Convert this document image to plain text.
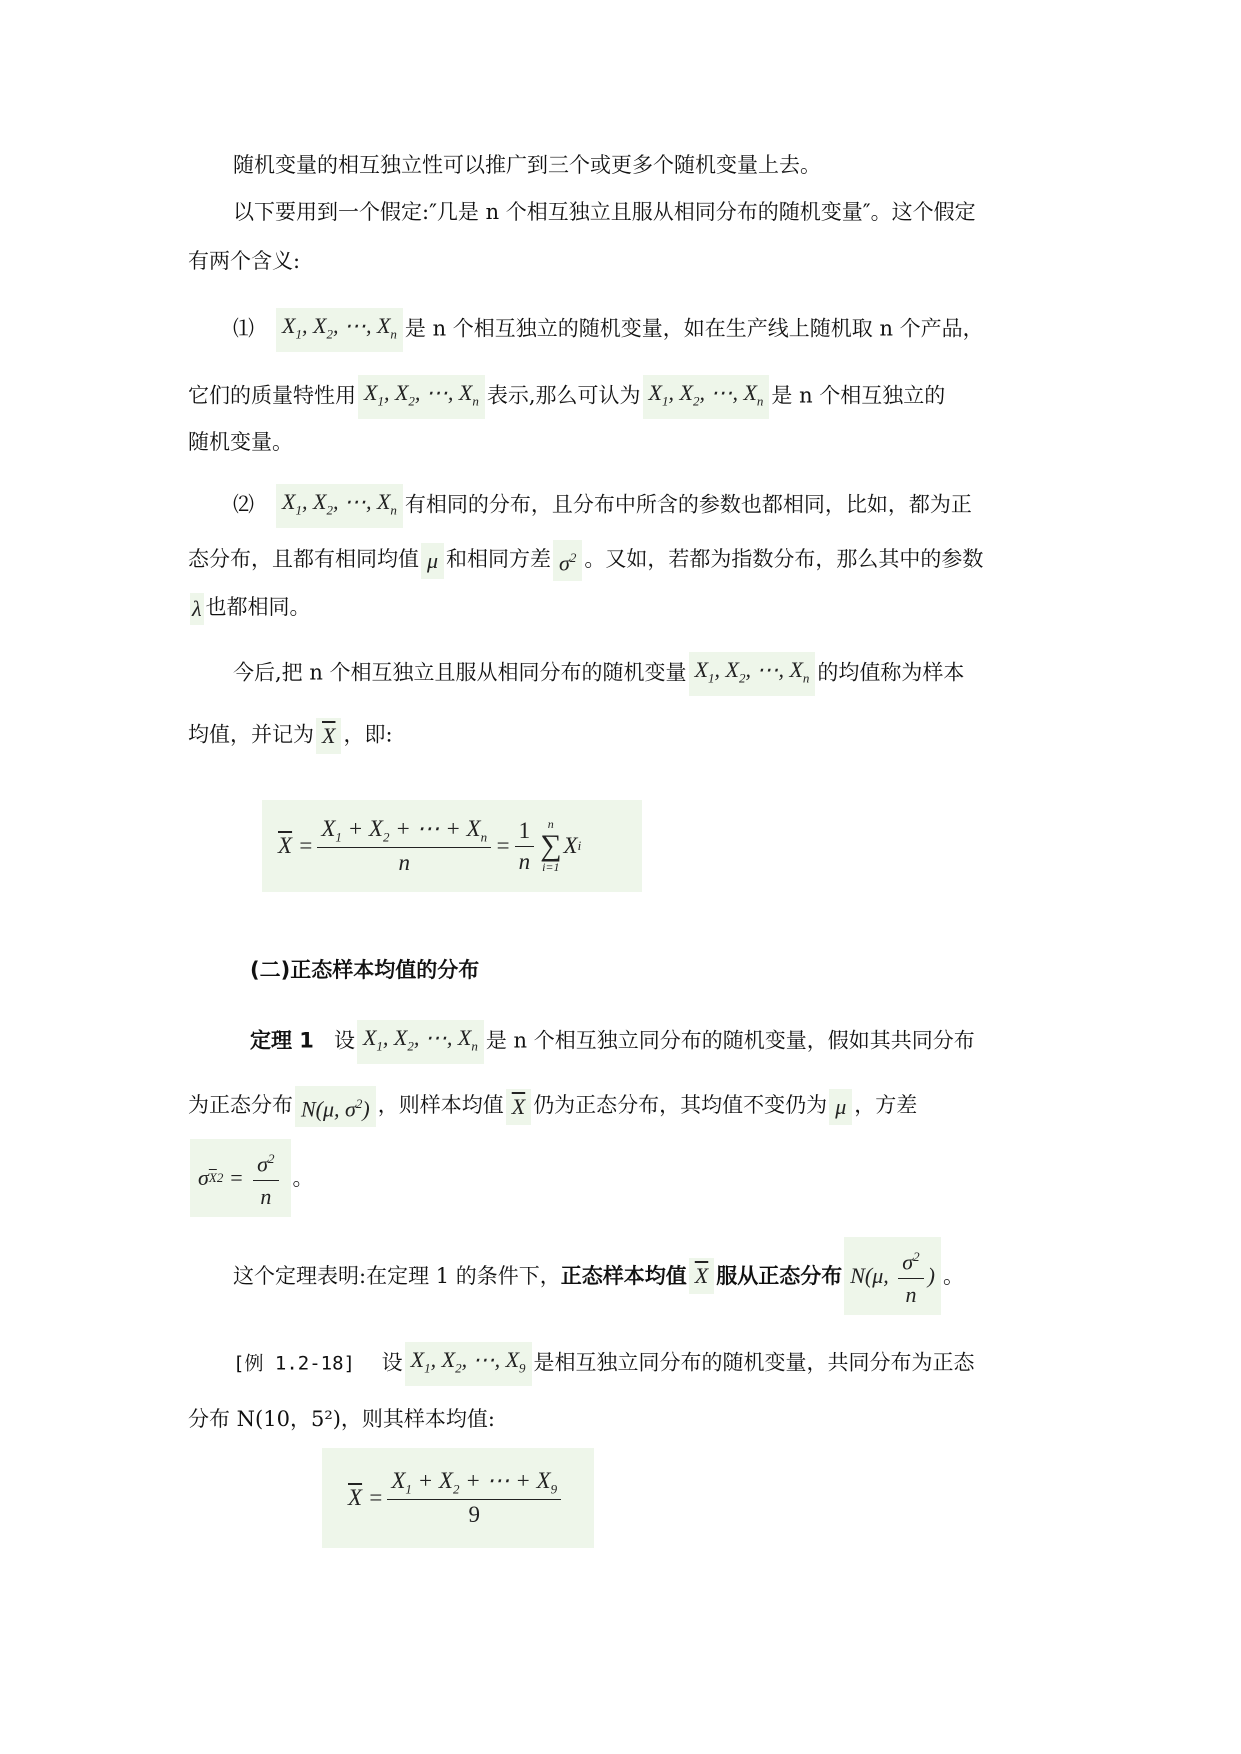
随机变量的相互独立性可以推广到三个或更多个随机变量上去。
以下要用到一个假定:″几是 n 个相互独立且服从相同分布的随机变量″。这个假定
有两个含义:
⑴ $X_1$, $X_2$, ⋯, $X_n$ 是 n 个相互独立的随机变量，如在生产线上随机取 n 个产品，
它们的质量特性用 $X_1$, $X_2$, ⋯, $X_n$ 表示,那么可认为 $X_1$, $X_2$, ⋯, $X_n$ 是 n 个相互独立的
随机变量。
⑵ $X_1$, $X_2$, ⋯, $X_n$ 有相同的分布，且分布中所含的参数也都相同，比如，都为正
态分布，且都有相同均值 μ 和相同方差 $\sigma^2$ 。又如，若都为指数分布，那么其中的参数
λ 也都相同。
今后,把 n 个相互独立且服从相同分布的随机变量 $X_1$, $X_2$, ⋯, $X_n$ 的均值称为样本
均值，并记为 $\overline{X}$ ，即:
$\overline{X} = \frac{X_1 + X_2 + \cdots + X_n}{n} = \frac{1}{n}$ n
∑
i=1
X i
(二)正态样本均值的分布
定理 1 设 $X_1$, $X_2$, ⋯, $X_n$ 是 n 个相互独立同分布的随机变量，假如其共同分布
为正态分布 N(μ, $\sigma^2$) ，则样本均值 $\overline{X}$ 仍为正态分布，其均值不变仍为 μ ，方差
σ $\overline{X}$ $2 = \frac{\sigma^2}{n}$ 。
这个定理表明:在定理 1 的条件下， 正态样本均值 $\overline{X}$ 服从正态分布 N(μ, $\frac{\sigma^2}{n}$ ) 。
[例 1.2-18] 设 $X_1$, $X_2$, ⋯, $X_9$ 是相互独立同分布的随机变量，共同分布为正态
分布 N(10，5²)，则其样本均值:
$\overline{X} = \frac{X_1 + X_2 + \cdots + X_9}{9}$
